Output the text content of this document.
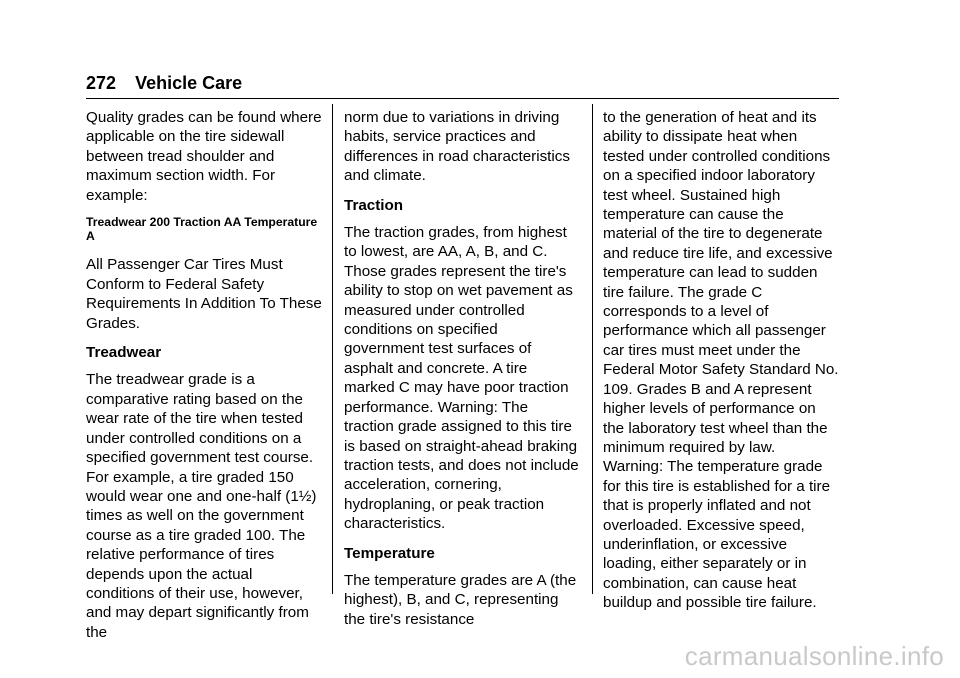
272 Vehicle Care

Quality grades can be found where applicable on the tire sidewall between tread shoulder and maximum section width. For example:

Treadwear 200 Traction AA Temperature A

All Passenger Car Tires Must Conform to Federal Safety Requirements In Addition To These Grades.

Treadwear

The treadwear grade is a comparative rating based on the wear rate of the tire when tested under controlled conditions on a specified government test course. For example, a tire graded 150 would wear one and one-half (1½) times as well on the government course as a tire graded 100. The relative performance of tires depends upon the actual conditions of their use, however, and may depart significantly from the

norm due to variations in driving habits, service practices and differences in road characteristics and climate.

Traction

The traction grades, from highest to lowest, are AA, A, B, and C. Those grades represent the tire's ability to stop on wet pavement as measured under controlled conditions on specified government test surfaces of asphalt and concrete. A tire marked C may have poor traction performance. Warning: The traction grade assigned to this tire is based on straight-ahead braking traction tests, and does not include acceleration, cornering, hydroplaning, or peak traction characteristics.

Temperature

The temperature grades are A (the highest), B, and C, representing the tire's resistance

to the generation of heat and its ability to dissipate heat when tested under controlled conditions on a specified indoor laboratory test wheel. Sustained high temperature can cause the material of the tire to degenerate and reduce tire life, and excessive temperature can lead to sudden tire failure. The grade C corresponds to a level of performance which all passenger car tires must meet under the Federal Motor Safety Standard No. 109. Grades B and A represent higher levels of performance on the laboratory test wheel than the minimum required by law. Warning: The temperature grade for this tire is established for a tire that is properly inflated and not overloaded. Excessive speed, underinflation, or excessive loading, either separately or in combination, can cause heat buildup and possible tire failure.

carmanualsonline.info
